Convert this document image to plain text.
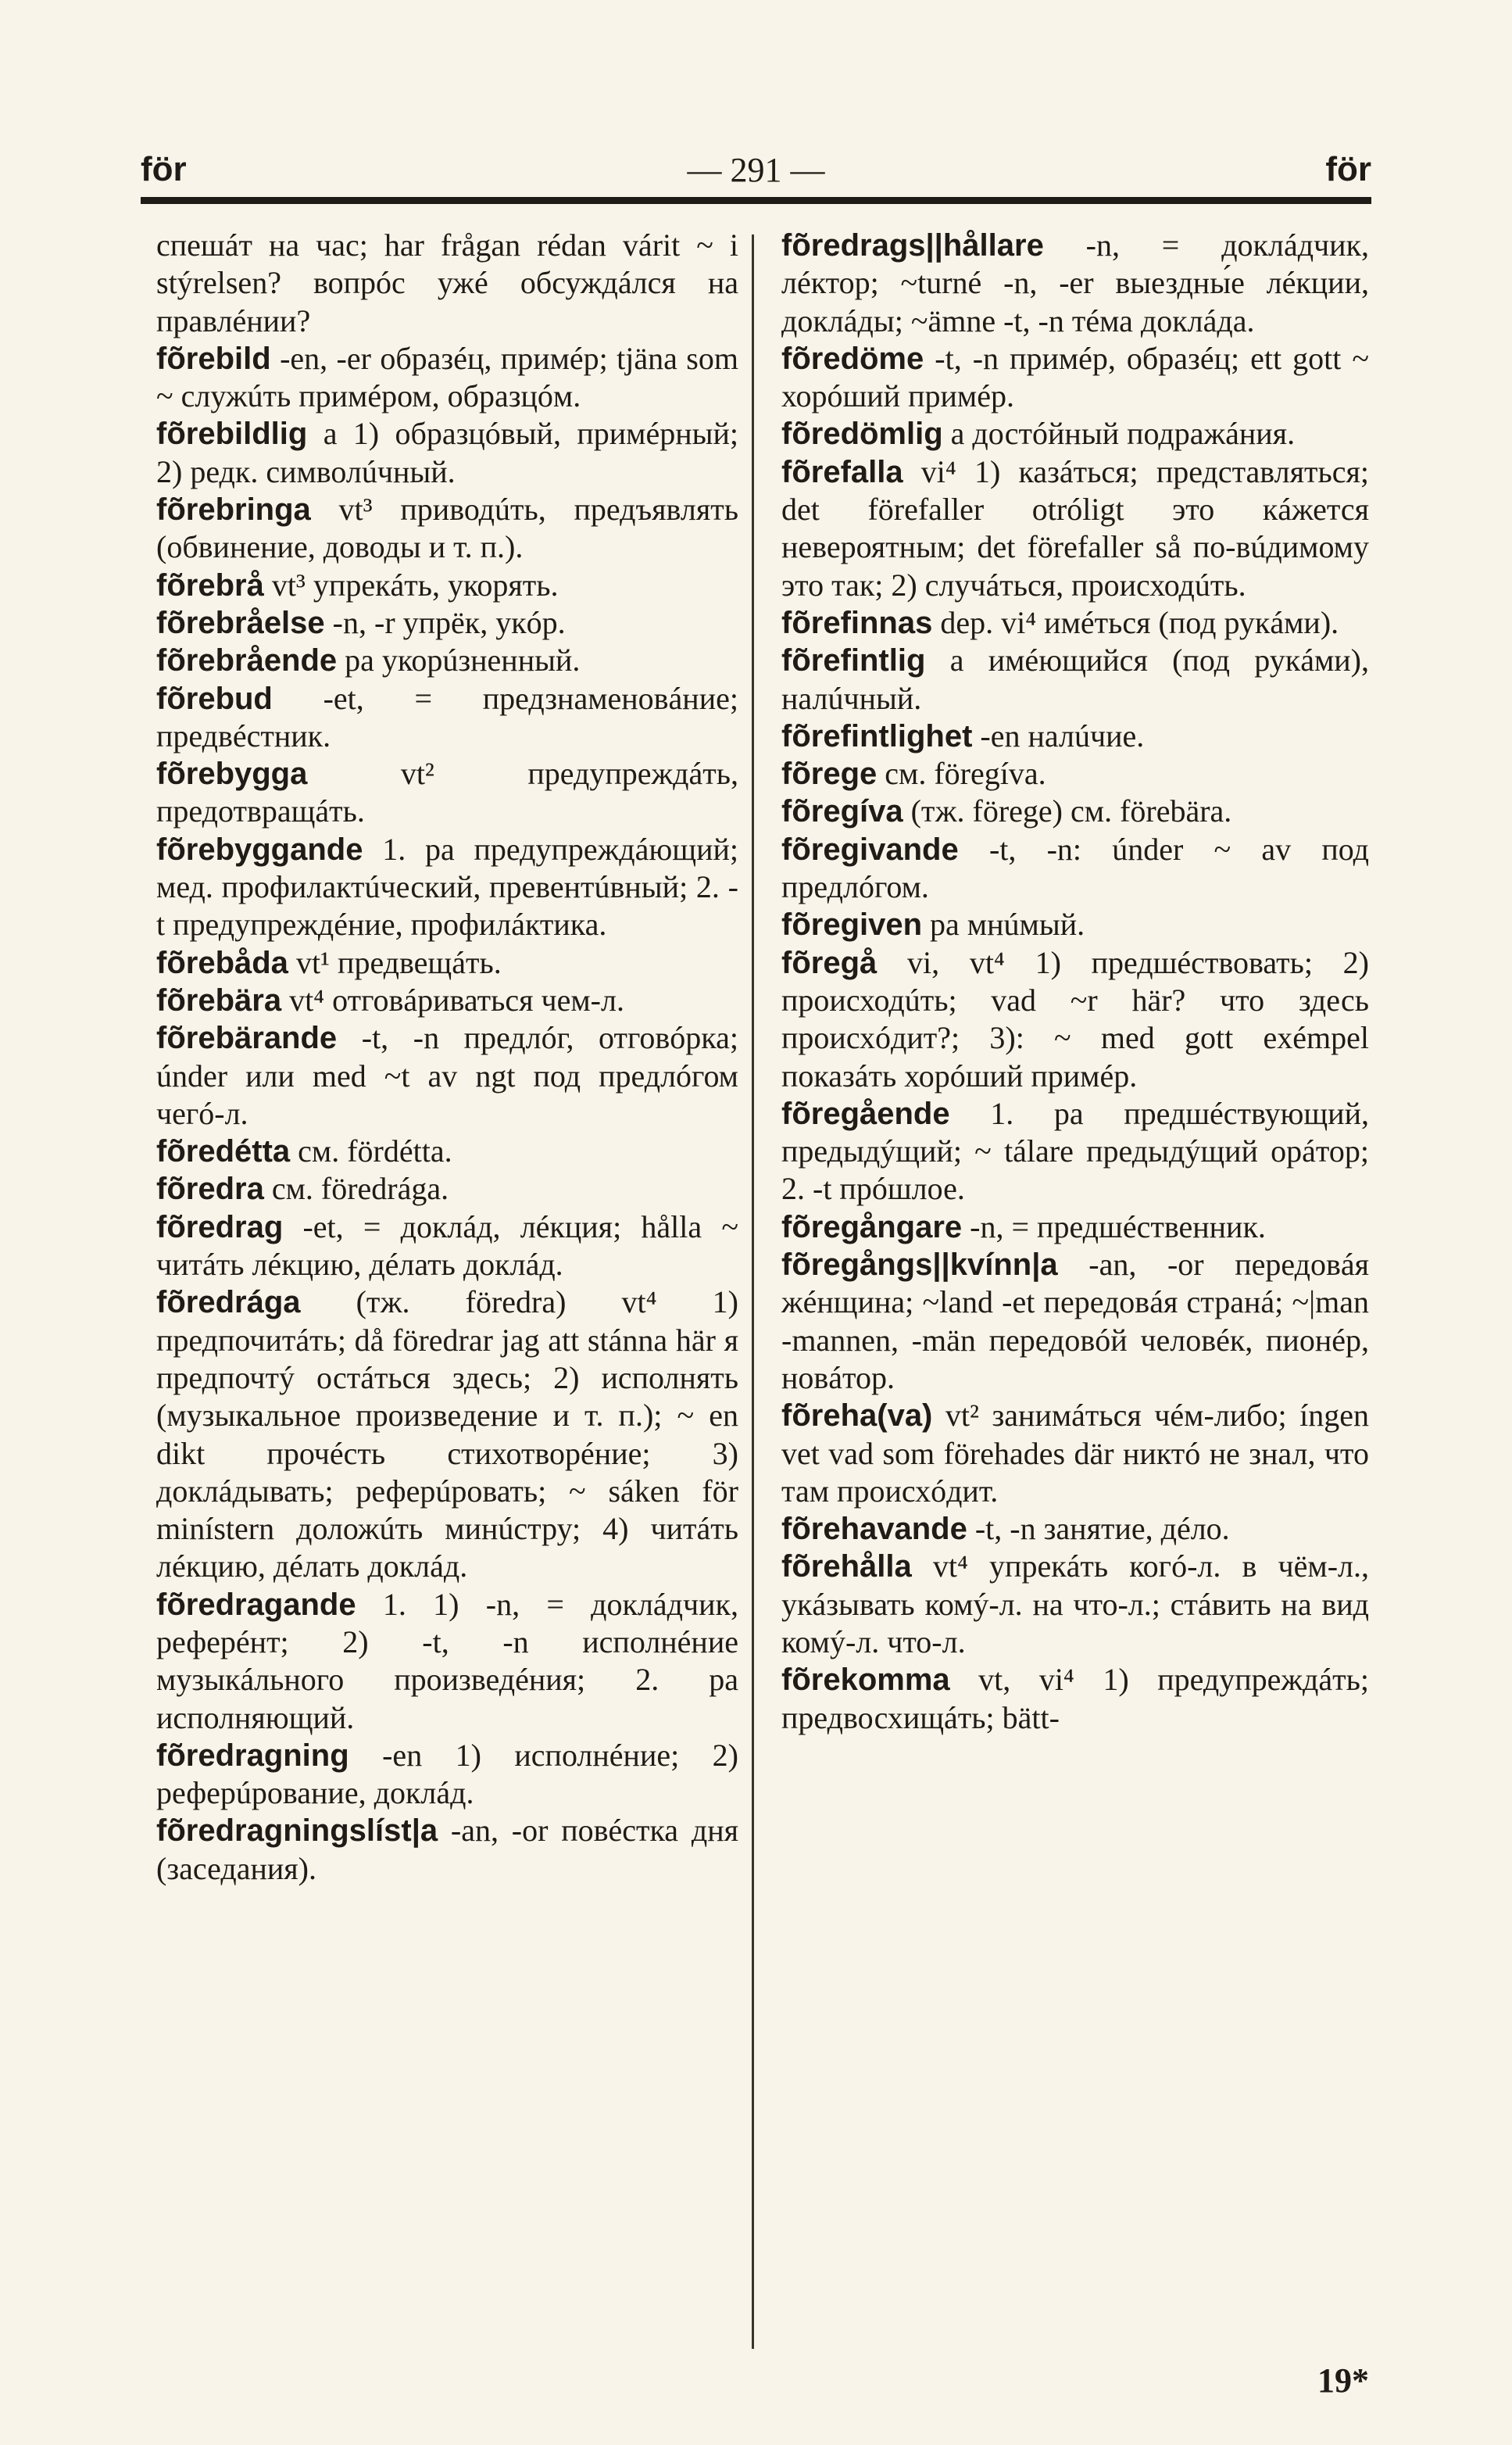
för	— 291 —	för

спешáт на час; har frågan rédan várit ~ i stýrelsen? вопрóс ужé обсуждáлся на правлéнии?

fõrebild -en, -er образéц, примéр; tjäna som ~ служúть примéром, образцóм.

fõrebildlig a 1) образцóвый, примéрный; 2) редк. символúчный.

fõrebringa vt³ приводúть, предъявлять (обвинение, доводы и т. п.).

fõrebrå vt³ упрекáть, укорять.

fõrebråelse -n, -r упрёк, укóр.

fõrebrående pa укорúзненный.

fõrebud -et, = предзнаменовáние; предвéстник.

fõrebygga vt² предупреждáть, предотвращáть.

fõrebyggande 1. pa предупреждáющий; мед. профилактúческий, превентúвный; 2. -t предупреждéние, профилáктика.

fõrebåda vt¹ предвещáть.

fõrebära vt⁴ отговáриваться чем-л.

fõrebärande -t, -n предлóг, отговóрка; únder или med ~t av ngt под предлóгом чегó-л.

fõredétta см. fördétta.

fõredra см. föredrága.

fõredrag -et, = доклáд, лéкция; hålla ~ читáть лéкцию, дéлать доклáд.

fõredrága (тж. föredra) vt⁴ 1) предпочитáть; då föredrar jag att stánna här я предпочтý остáться здесь; 2) исполнять (музыкальное произведение и т. п.); ~ en dikt прочéсть стихотворéние; 3) доклáдывать; реферúровать; ~ sáken för minístern доложúть минúстру; 4) читáть лéкцию, дéлать доклáд.

fõredragande 1. 1) -n, = доклáдчик, реферéнт; 2) -t, -n исполнéние музыкáльного произведéния; 2. pa исполняющий.

fõredragning -en 1) исполнéние; 2) реферúрование, доклáд.

fõredragningslíst|a -an, -or повéстка дня (заседания).

fõredrags||hållare -n, = доклáдчик, лéктор; ~turné -n, -er выездны́е лéкции, доклáды; ~ämne -t, -n тéма доклáда.

fõredöme -t, -n примéр, образéц; ett gott ~ хорóший примéр.

fõredömlig a достóйный подражáния.

fõrefalla vi⁴ 1) казáться; представляться; det förefaller otróligt это кáжется невероятным; det förefaller så по-вúдимому это так; 2) случáться, происходúть.

fõrefinnas dep. vi⁴ имéться (под рукáми).

fõrefintlig a имéющийся (под рукáми), налúчный.

fõrefintlighet -en налúчие.

fõrege см. föregíva.

fõregíva (тж. förege) см. förebära.

fõregivande -t, -n: únder ~ av под предлóгом.

fõregiven pa мнúмый.

fõregå vi, vt⁴ 1) предшéствовать; 2) происходúть; vad ~r här? что здесь происхóдит?; 3): ~ med gott exémpel показáть хорóший примéр.

fõregående 1. pa предшéствующий, предыдýщий; ~ tálare предыдýщий орáтор; 2. -t прóшлое.

fõregångare -n, = предшéственник.

fõregångs||kvínn|a -an, -or передовáя жéнщина; ~land -et передовáя странá; ~|man -mannen, -män передовóй человéк, пионéр, новáтор.

fõreha(va) vt² занимáться чéм-либо; íngen vet vad som förehades där никтó не знал, что там происхóдит.

fõrehavande -t, -n занятие, дéло.

fõrehålla vt⁴ упрекáть когó-л. в чём-л., укáзывать комý-л. на что-л.; стáвить на вид комý-л. что-л.

fõrekomma vt, vi⁴ 1) предупреждáть; предвосхищáть; bätt-

19*
